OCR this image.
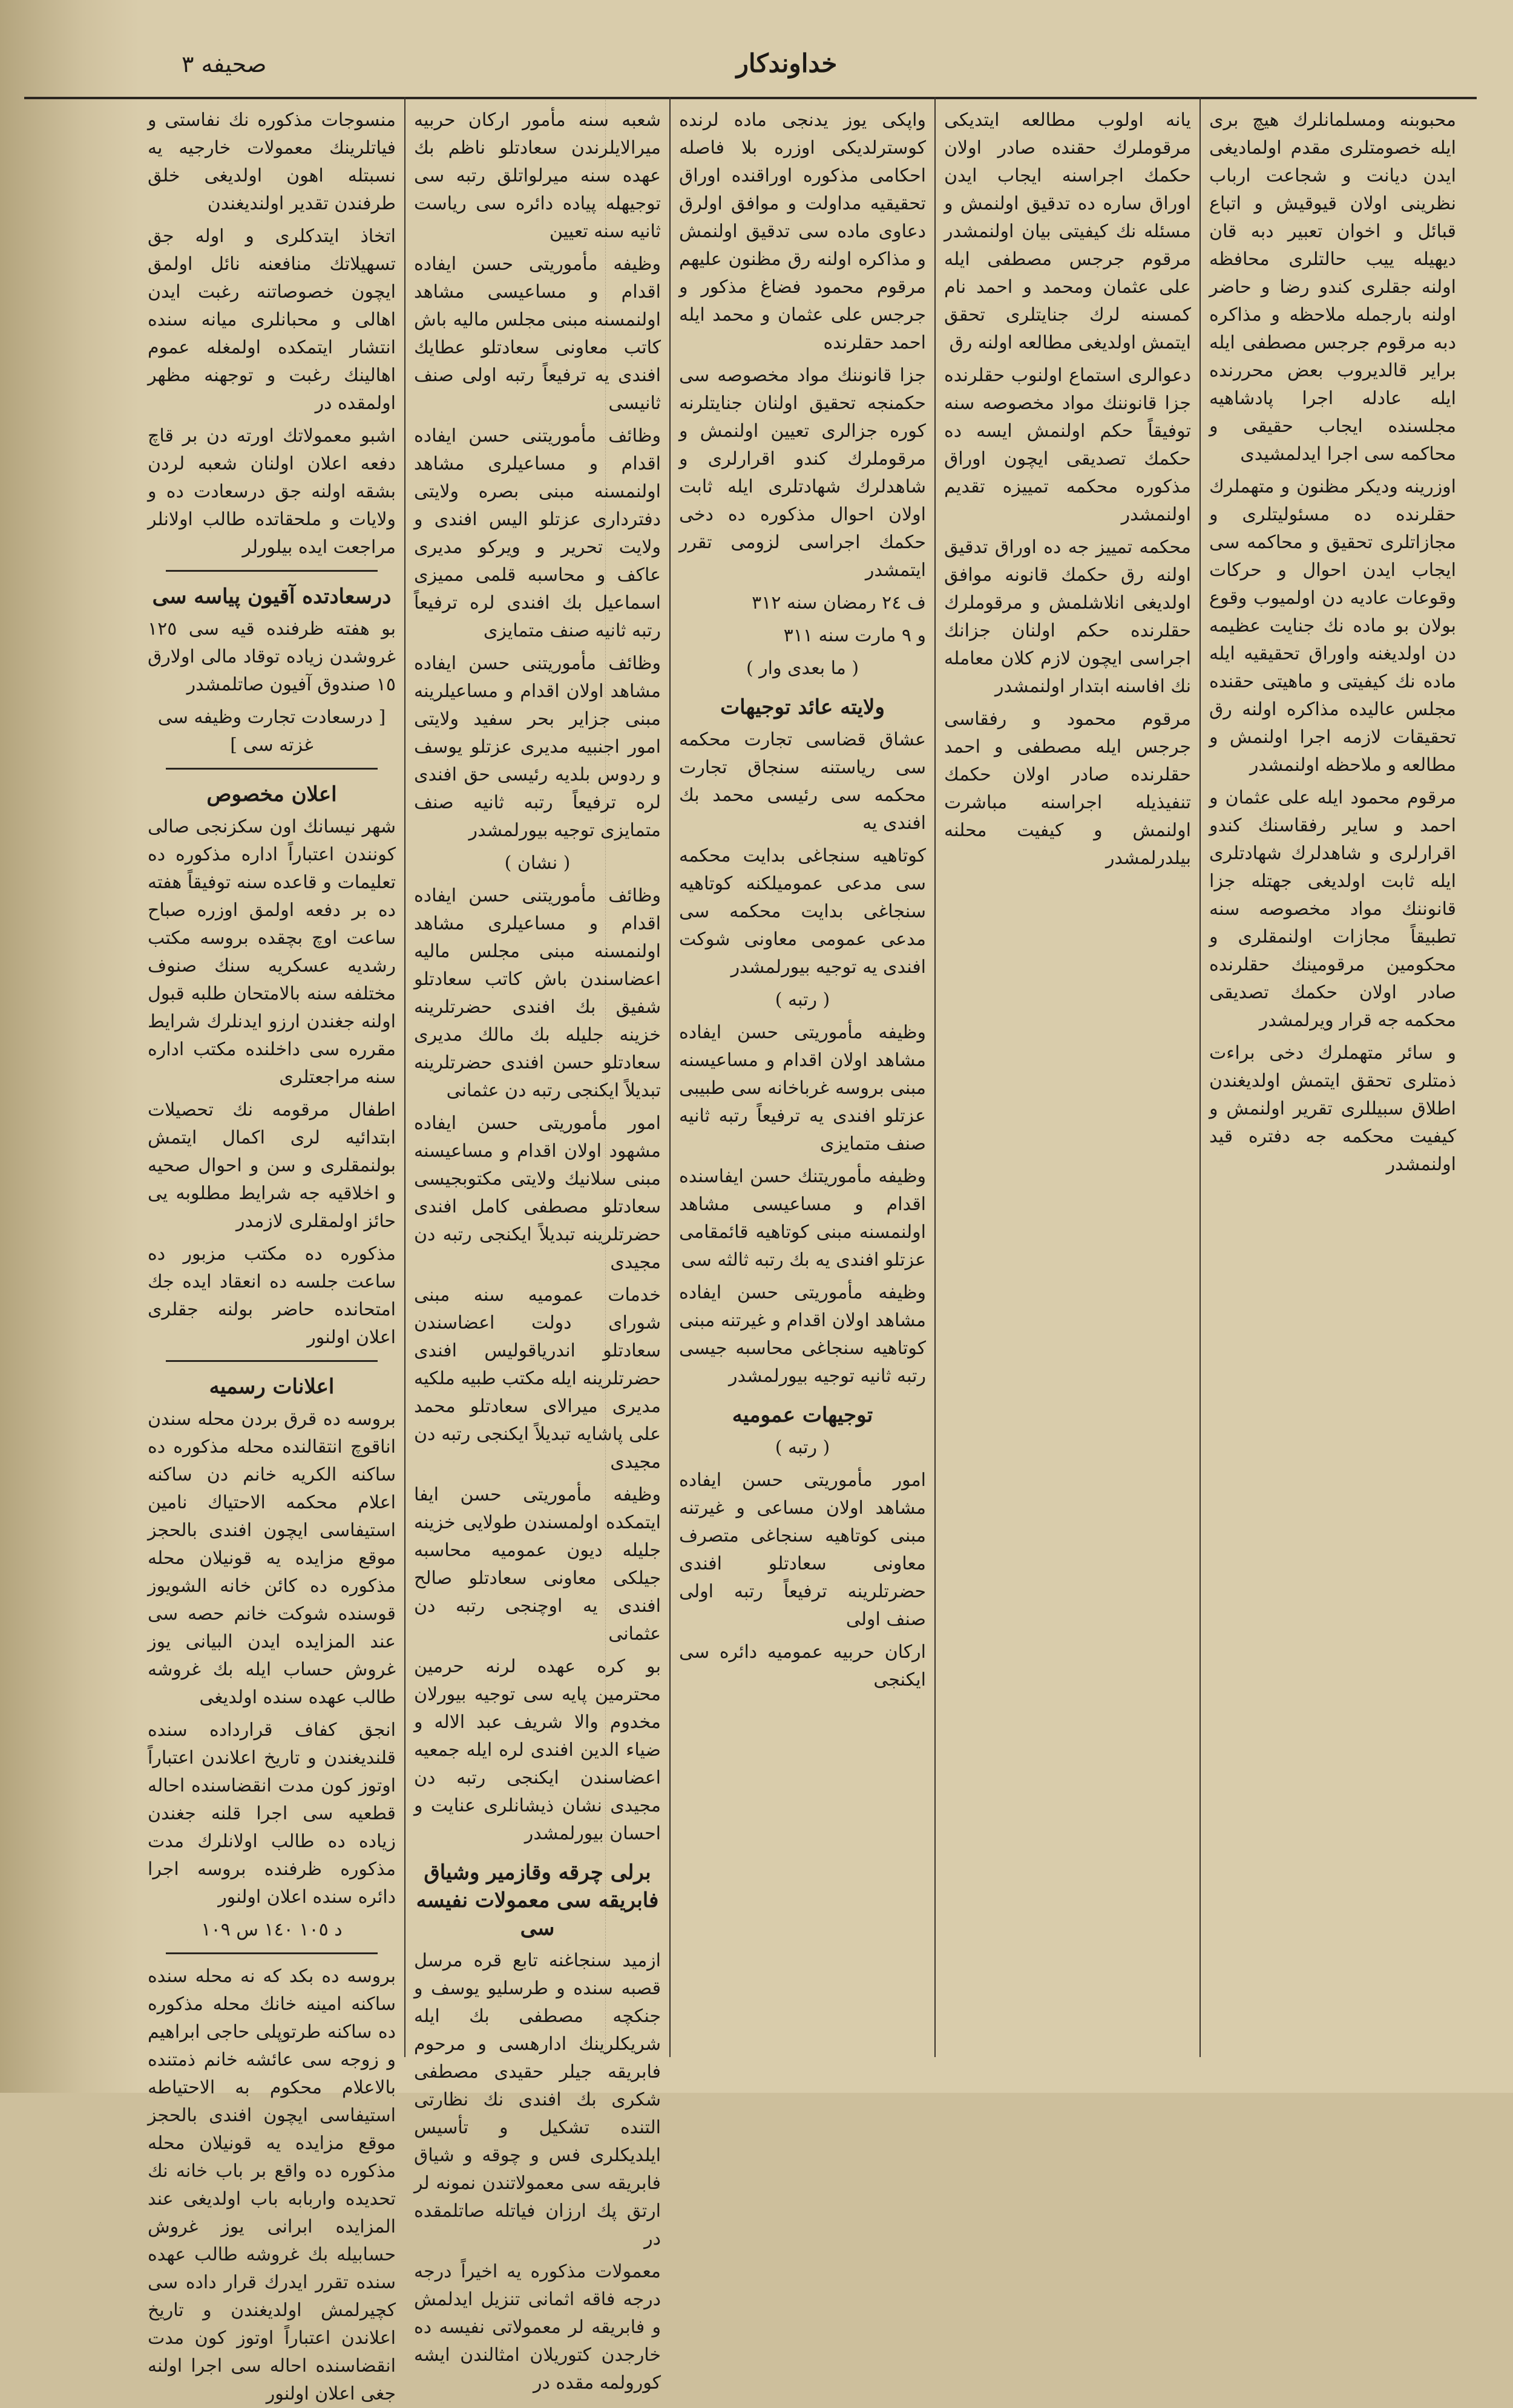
صحيفه ٣	خداوندكار
محبوبنه ومسلمانلرك هيچ برى ايله خصومتلرى مقدم اولماديغى ايدن ديانت و شجاعت ارباب نظرينى اولان قيوقيش و اتباع قبائل و اخوان تعبير دبه قان ديهيله ييب حالتلرى محافظه اولنه جقلرى كندو رضا و حاضر اولنه بارجمله ملاحظه و مذاكره دبه مرقوم جرجس مصطفى ايله براير قالديروب بعض محررنده ايله عادله اجرا پادشاهيه مجلسنده ايجاب حقيقى و محاكمه سى اجرا ايدلمشيدى
اوزرينه وديكر مظنون و متهملرك حقلرنده ده مسئوليتلرى و مجازاتلرى تحقيق و محاكمه سى ايجاب ايدن احوال و حركات وقوعات عاديه دن اولميوب وقوع بولان بو ماده نك جنايت عظيمه دن اولديغنه واوراق تحقيقيه ايله ماده نك كيفيتى و ماهيتى حقنده مجلس عاليده مذاكره اولنه رق تحقيقات لازمه اجرا اولنمش و مطالعه و ملاحظه اولنمشدر
مرقوم محمود ايله على عثمان و احمد و ساير رفقاسنك كندو اقرارلرى و شاهدلرك شهادتلرى ايله ثابت اولديغى جهتله جزا قانوننك مواد مخصوصه سنه تطبيقاً مجازات اولنمقلرى و محكومين مرقومينك حقلرنده صادر اولان حكمك تصديقى محكمه جه قرار ويرلمشدر
و سائر متهملرك دخى براءت ذمتلرى تحقق ايتمش اولديغندن اطلاق سبيللرى تقرير اولنمش و كيفيت محكمه جه دفتره قيد اولنمشدر
يانه اولوب مطالعه ايتديكى مرقوملرك حقنده صادر اولان حكمك اجراسنه ايجاب ايدن اوراق ساره ده تدقيق اولنمش و مسئله نك كيفيتى بيان اولنمشدر مرقوم جرجس مصطفى ايله على عثمان ومحمد و احمد نام كمسنه لرك جنايتلرى تحقق ايتمش اولديغى مطالعه اولنه رق
دعوالرى استماع اولنوب حقلرنده جزا قانوننك مواد مخصوصه سنه توفيقاً حكم اولنمش ايسه ده حكمك تصديقى ايچون اوراق مذكوره محكمه تمييزه تقديم اولنمشدر
محكمه تمييز جه ده اوراق تدقيق اولنه رق حكمك قانونه موافق اولديغى انلاشلمش و مرقوملرك حقلرنده حكم اولنان جزانك اجراسى ايچون لازم كلان معامله نك افاسنه ابتدار اولنمشدر
مرقوم محمود و رفقاسى جرجس ايله مصطفى و احمد حقلرنده صادر اولان حكمك تنفيذيله اجراسنه مباشرت اولنمش و كيفيت محلنه بيلدرلمشدر
واپكى يوز يدنجى ماده لرنده كوسترلديكى اوزره بلا فاصله احكامى مذكوره اوراقنده اوراق تحقيقيه مداولت و موافق اولرق دعاوى ماده سى تدقيق اولنمش و مذاكره اولنه رق مظنون عليهم مرقوم محمود فضاغ مذكور و جرجس على عثمان و محمد ايله احمد حقلرنده
جزا قانوننك مواد مخصوصه سى حكمنجه تحقيق اولنان جنايتلرنه كوره جزالرى تعيين اولنمش و مرقوملرك كندو اقرارلرى و شاهدلرك شهادتلرى ايله ثابت اولان احوال مذكوره ده دخى حكمك اجراسى لزومى تقرر ايتمشدر
ف ٢٤ رمضان سنه ٣١٢
و ٩ مارت سنه ٣١١
( ما بعدى وار )
ولايته عائد توجيهات
عشاق قضاسى تجارت محكمه سى رياستنه سنجاق تجارت محكمه سى رئيسى محمد بك افندى يه
كوتاهيه سنجاغى بدايت محكمه سى مدعى عموميلكنه كوتاهيه سنجاغى بدايت محكمه سى مدعى عمومى معاونى شوكت افندى يه توجيه بيورلمشدر
( رتبه )
وظيفه مأموريتى حسن ايفاده مشاهد اولان اقدام و مساعيسنه مبنى بروسه غرباخانه سى طبيبى عزتلو افندى يه ترفيعاً رتبه ثانيه صنف متمايزى
وظيفه مأموريتنك حسن ايفاسنده اقدام و مساعيسى مشاهد اولنمسنه مبنى كوتاهيه قائمقامى عزتلو افندى يه بك رتبه ثالثه سى
وظيفه مأموريتى حسن ايفاده مشاهد اولان اقدام و غيرتنه مبنى كوتاهيه سنجاغى محاسبه جيسى رتبه ثانيه توجيه بيورلمشدر
توجيهات عموميه
( رتبه )
امور مأموريتى حسن ايفاده مشاهد اولان مساعى و غيرتنه مبنى كوتاهيه سنجاغى متصرف معاونى سعادتلو افندى حضرتلرينه ترفيعاً رتبه اولى صنف اولى
اركان حربيه عموميه دائره سى ايكنجى
شعبه سنه مأمور اركان حربيه ميرالايلرندن سعادتلو ناظم بك عهده سنه ميرلواتلق رتبه سى توجيهله پياده دائره سى رياست ثانيه سنه تعيين
وظيفه مأموريتى حسن ايفاده اقدام و مساعيسى مشاهد اولنمسنه مبنى مجلس ماليه باش كاتب معاونى سعادتلو عطايك افندى يه ترفيعاً رتبه اولى صنف ثانيسى
وظائف مأموريتنى حسن ايفاده اقدام و مساعيلرى مشاهد اولنمسنه مبنى بصره ولايتى دفتردارى عزتلو اليس افندى و ولايت تحرير و ويركو مديرى عاكف و محاسبه قلمى مميزى اسماعيل بك افندى لره ترفيعاً رتبه ثانيه صنف متمايزى
وظائف مأموريتنى حسن ايفاده مشاهد اولان اقدام و مساعيلرينه مبنى جزاير بحر سفيد ولايتى امور اجنبيه مديرى عزتلو يوسف و ردوس بلديه رئيسى حق افندى لره ترفيعاً رتبه ثانيه صنف متمايزى توجيه بيورلمشدر
( نشان )
وظائف مأموريتنى حسن ايفاده اقدام و مساعيلرى مشاهد اولنمسنه مبنى مجلس ماليه اعضاسندن باش كاتب سعادتلو شفيق بك افندى حضرتلرينه خزينه جليله بك مالك مديرى سعادتلو حسن افندى حضرتلرينه تبديلاً ايكنجى رتبه دن عثمانى
امور مأموريتى حسن ايفاده مشهود اولان اقدام و مساعيسنه مبنى سلانيك ولايتى مكتوبجيسى سعادتلو مصطفى كامل افندى حضرتلرينه تبديلاً ايكنجى رتبه دن مجيدى
خدمات عموميه سنه مبنى شوراى دولت اعضاسندن سعادتلو اندرياقوليس افندى حضرتلرينه ايله مكتب طبيه ملكيه مديرى ميرالاى سعادتلو محمد على پاشايه تبديلاً ايكنجى رتبه دن مجيدى
وظيفه مأموريتى حسن ايفا ايتمكده اولمسندن طولايى خزينه جليله ديون عموميه محاسبه جيلكى معاونى سعادتلو صالح افندى يه اوچنجى رتبه دن عثمانى
بو كره عهده لرنه حرمين محترمين پايه سى توجيه بيورلان مخدوم والا شريف عبد الاله و ضياء الدين افندى لره ايله جمعيه اعضاسندن ايكنجى رتبه دن مجيدى نشان ذيشانلرى عنايت و احسان بيورلمشدر
برلى چرقه وقازمير وشياق فابريقه سى معمولات نفيسه سى
ازميد سنجاغنه تابع قره مرسل قصبه سنده و طرسليو يوسف و جنكچه مصطفى بك ايله شريكلرينك ادارهسى و مرحوم فابريقه جيلر حقيدى مصطفى شكرى بك افندى نك نظارتى التنده تشكيل و تأسيس ايلديكلرى فس و چوقه و شياق فابريقه سى معمولاتندن نمونه لر ارتق پك ارزان فياتله صاتلمقده در
معمولات مذكوره يه اخيراً درجه درجه فاقه اثمانى تنزيل ايدلمش و فابريقه لر معمولاتى نفيسه ده خارجدن كتوريلان امثالندن ايشه كورولمه مقده در
منسوجات مذكوره نك نفاستى و فياتلرينك معمولات خارجيه يه نسبتله اهون اولديغى خلق طرفندن تقدير اولنديغندن
اتخاذ ايتدكلرى و اوله جق تسهيلاتك منافعنه نائل اولمق ايچون خصوصاتنه رغبت ايدن اهالى و محبانلرى ميانه سنده انتشار ايتمكده اولمغله عموم اهالينك رغبت و توجهنه مظهر اولمقده در
اشبو معمولاتك اورته دن بر قاچ دفعه اعلان اولنان شعبه لردن بشقه اولنه جق درسعادت ده و ولايات و ملحقاتده طالب اولانلر مراجعت ايده بيلورلر
درسعادتده آقيون پياسه سى
بو هفته ظرفنده قيه سى ١٢٥ غروشدن زياده توقاد مالى اولارق ١٥ صندوق آفيون صاتلمشدر
[ درسعادت تجارت وظيفه سى غزته سى ]
اعلان مخصوص
شهر نيسانك اون سكزنجى صالى كونندن اعتباراً اداره مذكوره ده تعليمات و قاعده سنه توفيقاً هفته ده بر دفعه اولمق اوزره صباح ساعت اوچ بچقده بروسه مكتب رشديه عسكريه سنك صنوف مختلفه سنه بالامتحان طلبه قبول اولنه جغندن ارزو ايدنلرك شرايط مقرره سى داخلنده مكتب اداره سنه مراجعتلرى
اطفال مرقومه نك تحصيلات ابتدائيه لرى اكمال ايتمش بولنمقلرى و سن و احوال صحيه و اخلاقيه جه شرايط مطلوبه يى حائز اولمقلرى لازمدر
مذكوره ده مكتب مزبور ده ساعت جلسه ده انعقاد ايده جك امتحانده حاضر بولنه جقلرى اعلان اولنور
اعلانات رسميه
بروسه ده قرق بردن محله سندن اناقوچ انتقالنده محله مذكوره ده ساكنه الكريه خانم دن ساكنه اعلام محكمه الاحتياك نامين استيفاسى ايچون افندى بالحجز موقع مزايده يه قونيلان محله مذكوره ده كائن خانه الشويوز قوسنده شوكت خانم حصه سى عند المزايده ايدن البيانى يوز غروش حساب ايله بك غروشه طالب عهده سنده اولديغى
انجق كفاف قرارداده سنده قلنديغندن و تاريخ اعلاندن اعتباراً اوتوز كون مدت انقضاسنده احاله قطعيه سى اجرا قلنه جغندن زياده ده طالب اولانلرك مدت مذكوره ظرفنده بروسه اجرا دائره سنده اعلان اولنور
د ١٠٥ ١٤٠ س ١٠٩
بروسه ده بكد كه نه محله سنده ساكنه امينه خانك محله مذكوره ده ساكنه طرتوپلى حاجى ابراهيم و زوجه سى عائشه خانم ذمتنده بالاعلام محكوم به الاحتياطه استيفاسى ايچون افندى بالحجز موقع مزايده يه قونيلان محله مذكوره ده واقع بر باب خانه نك تحديده واربابه باب اولديغى عند المزايده ابرانى يوز غروش حسابيله بك غروشه طالب عهده سنده تقرر ايدرك قرار داده سى كچيرلمش اولديغندن و تاريخ اعلاندن اعتباراً اوتوز كون مدت انقضاسنده احاله سى اجرا اولنه جغى اعلان اولنور
